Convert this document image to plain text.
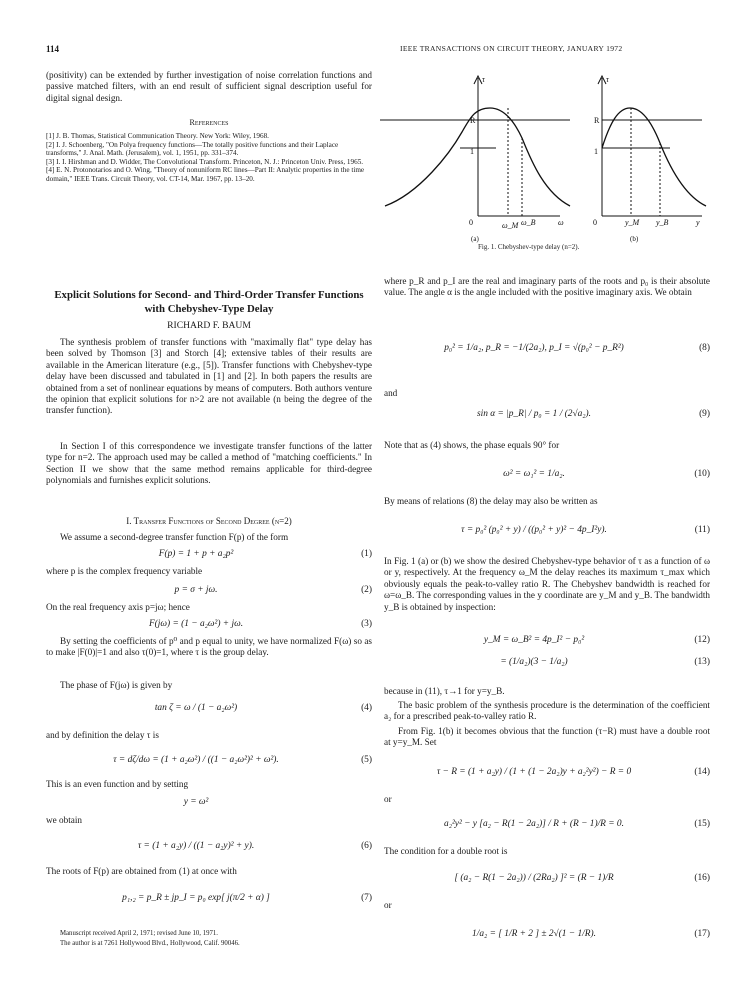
114	IEEE TRANSACTIONS ON CIRCUIT THEORY, JANUARY 1972
(positivity) can be extended by further investigation of noise correlation functions and passive matched filters, with an end result of sufficient signal description useful for digital signal design.
References
[1] J. B. Thomas, Statistical Communication Theory. New York: Wiley, 1968.
[2] I. J. Schoenberg, "On Polya frequency functions—The totally positive functions and their Laplace transforms," J. Anal. Math. (Jerusalem), vol. 1, 1951, pp. 331–374.
[3] I. I. Hirshman and D. Widder, The Convolutional Transform. Princeton, N. J.: Princeton Univ. Press, 1965.
[4] E. N. Protonotarios and O. Wing, "Theory of nonuniform RC lines—Part II: Analytic properties in the time domain," IEEE Trans. Circuit Theory, vol. CT-14, Mar. 1967, pp. 13–20.
τ
R
1
0	ω_M ω_B	ω
(a)
τ
R
1
0	y_M y_B	y
(b)
Fig. 1. Chebyshev-type delay (n=2).
Explicit Solutions for Second- and Third-Order Transfer Functions with Chebyshev-Type Delay
RICHARD F. BAUM
The synthesis problem of transfer functions with "maximally flat" type delay has been solved by Thomson [3] and Storch [4]; extensive tables of their results are available in the American literature (e.g., [5]). Transfer functions with Chebyshev-type delay have been discussed and tabulated in [1] and [2]. In both papers the results are obtained from a set of nonlinear equations by means of computers. Both authors venture the opinion that explicit solutions for n>2 are not available (n being the degree of the transfer function).
In Section I of this correspondence we investigate transfer functions of the latter type for n=2. The approach used may be called a method of "matching coefficients." In Section II we show that the same method remains applicable for third-degree polynomials and furnishes explicit solutions.
I. Transfer Functions of Second Degree (n=2)
We assume a second-degree transfer function F(p) of the form
F(p) = 1 + p + a₂p²	(1)
where p is the complex frequency variable
p = σ + jω.	(2)
On the real frequency axis p=jω; hence
F(jω) = (1 − a₂ω²) + jω.	(3)
By setting the coefficients of p⁰ and p equal to unity, we have normalized F(ω) so as to make |F(0)|=1 and also τ(0)=1, where τ is the group delay.
The phase of F(jω) is given by
tan ζ = ω / (1 − a₂ω²)	(4)
and by definition the delay τ is
τ = dζ/dω = (1 + a₂ω²) / ((1 − a₂ω²)² + ω²).	(5)
This is an even function and by setting
y = ω²
we obtain
τ = (1 + a₂y) / ((1 − a₂y)² + y).	(6)
The roots of F(p) are obtained from (1) at once with
p₁,₂ = p_R ± jp_I = p₀ exp[ j(π/2 + α) ]	(7)
Manuscript received April 2, 1971; revised June 10, 1971.
The author is at 7261 Hollywood Blvd., Hollywood, Calif. 90046.
where p_R and p_I are the real and imaginary parts of the roots and p₀ is their absolute value. The angle α is the angle included with the positive imaginary axis. We obtain
p₀² = 1/a₂, p_R = −1/(2a₂), p_I = √(p₀² − p_R²)	(8)
and
sin α = |p_R| / p₀ = 1 / (2√a₂).	(9)
Note that as (4) shows, the phase equals 90° for
ω² = ω₁² = 1/a₂.	(10)
By means of relations (8) the delay may also be written as
τ = p₀² (p₀² + y) / ((p₀² + y)² − 4p_I²y).	(11)
In Fig. 1 (a) or (b) we show the desired Chebyshev-type behavior of τ as a function of ω or y, respectively. At the frequency ω_M the delay reaches its maximum τ_max which obviously equals the peak-to-valley ratio R. The Chebyshev bandwidth is reached for ω=ω_B. The corresponding values in the y coordinate are y_M and y_B. The bandwidth y_B is obtained by inspection:
y_M = ω_B² = 4p_I² − p₀²	(12)
= (1/a₂)(3 − 1/a₂)	(13)
because in (11), τ→1 for y=y_B.
The basic problem of the synthesis procedure is the determination of the coefficient a₂ for a prescribed peak-to-valley ratio R.
From Fig. 1(b) it becomes obvious that the function (τ−R) must have a double root at y=y_M. Set
τ − R = (1 + a₂y) / (1 + (1 − 2a₂)y + a₂²y²) − R = 0	(14)
or
a₂²y² − y [a₂ − R(1 − 2a₂)] / R + (R − 1)/R = 0.	(15)
The condition for a double root is
[ (a₂ − R(1 − 2a₂)) / (2Ra₂) ]² = (R − 1)/R	(16)
or
1/a₂ = [ 1/R + 2 ] ± 2√(1 − 1/R).	(17)
